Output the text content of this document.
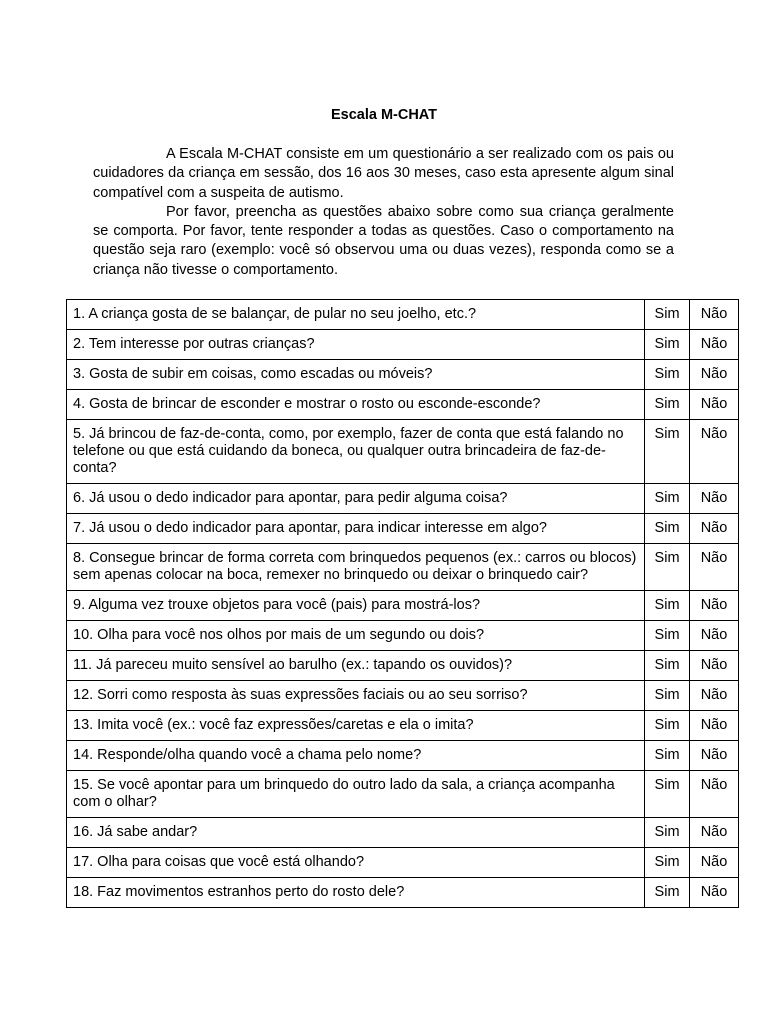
Escala M-CHAT

A Escala M-CHAT consiste em um questionário a ser realizado com os pais ou cuidadores da criança em sessão, dos 16 aos 30 meses, caso esta apresente algum sinal compatível com a suspeita de autismo.

Por favor, preencha as questões abaixo sobre como sua criança geralmente se comporta. Por favor, tente responder a todas as questões. Caso o comportamento na questão seja raro (exemplo: você só observou uma ou duas vezes), responda como se a criança não tivesse o comportamento.

1. A criança gosta de se balançar, de pular no seu joelho, etc.?	Sim	Não
2. Tem interesse por outras crianças?	Sim	Não
3. Gosta de subir em coisas, como escadas ou móveis?	Sim	Não
4. Gosta de brincar de esconder e mostrar o rosto ou esconde-esconde?	Sim	Não
5. Já brincou de faz-de-conta, como, por exemplo, fazer de conta que está falando no telefone ou que está cuidando da boneca, ou qualquer outra brincadeira de faz-de-conta?	Sim	Não
6. Já usou o dedo indicador para apontar, para pedir alguma coisa?	Sim	Não
7. Já usou o dedo indicador para apontar, para indicar interesse em algo?	Sim	Não
8. Consegue brincar de forma correta com brinquedos pequenos (ex.: carros ou blocos) sem apenas colocar na boca, remexer no brinquedo ou deixar o brinquedo cair?	Sim	Não
9. Alguma vez trouxe objetos para você (pais) para mostrá-los?	Sim	Não
10. Olha para você nos olhos por mais de um segundo ou dois?	Sim	Não
11. Já pareceu muito sensível ao barulho (ex.: tapando os ouvidos)?	Sim	Não
12. Sorri como resposta às suas expressões faciais ou ao seu sorriso?	Sim	Não
13. Imita você (ex.: você faz expressões/caretas e ela o imita?	Sim	Não
14. Responde/olha quando você a chama pelo nome?	Sim	Não
15. Se você apontar para um brinquedo do outro lado da sala, a criança acompanha com o olhar?	Sim	Não
16. Já sabe andar?	Sim	Não
17. Olha para coisas que você está olhando?	Sim	Não
18. Faz movimentos estranhos perto do rosto dele?	Sim	Não
